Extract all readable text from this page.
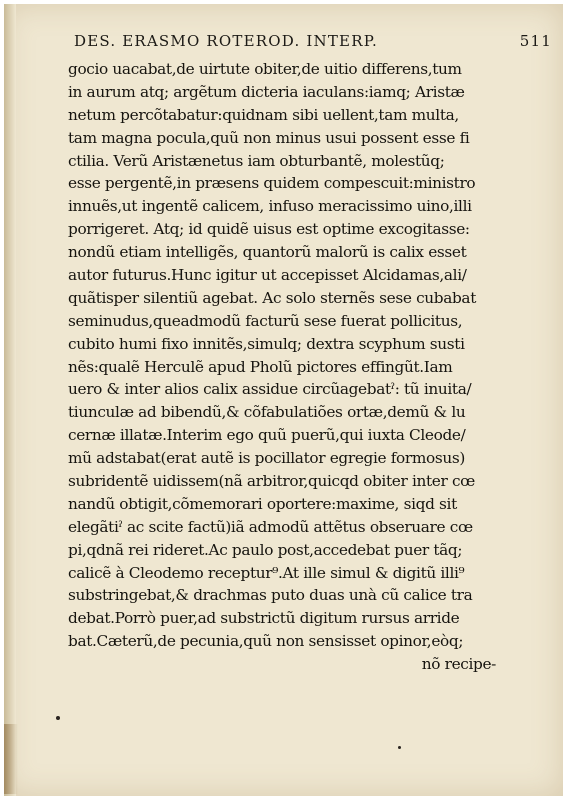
DES. ERASMO ROTEROD. INTERP.	511
gocio uacabat,de uirtute obiter,de uitio differens,tum
in aurum atq; argẽtum dicteria iaculans:iamq; Aristæ
netum percõtabatur:quidnam sibi uellent,tam multa,
tam magna pocula,quũ non minus usui possent esse fi
ctilia. Verũ Aristænetus iam obturbantẽ, molestũq;
esse pergentẽ,in præsens quidem compescuit:ministro
innuẽs,ut ingentẽ calicem, infuso meracissimo uino,illi
porrigeret. Atq; id quidẽ uisus est optime excogitasse:
nondũ etiam intelligẽs, quantorũ malorũ is calix esset
autor futurus.Hunc igitur ut accepisset Alcidamas,ali/
quãtisper silentiũ agebat. Ac solo sternẽs sese cubabat
seminudus,queadmodũ facturũ sese fuerat pollicitus,
cubito humi fixo innitẽs,simulq; dextra scyphum susti
nẽs:qualẽ Herculẽ apud Pholũ pictores effingũt.Iam
uero & inter alios calix assidue circũagebatˀ: tũ inuita/
tiunculæ ad bibendũ,& cõfabulatiões ortæ,demũ & lu
cernæ illatæ.Interim ego quũ puerũ,qui iuxta Cleode/
mũ adstabat(erat autẽ is pocillator egregie formosus)
subridentẽ uidissem(nã arbitror,quicqd obiter inter cœ
nandũ obtigit,cõmemorari oportere:maxime, siqd sit
elegãtiˀ ac scite factũ)iã admodũ attẽtus obseruare cœ
pi,qdnã rei rideret.Ac paulo post,accedebat puer tãq;
calicẽ à Cleodemo receptur⁹.At ille simul & digitũ illi⁹
substringebat,& drachmas puto duas unà cũ calice tra
debat.Porrò puer,ad substrictũ digitum rursus arride
bat.Cæterũ,de pecunia,quũ non sensisset opinor,eòq;
nõ recipe-
